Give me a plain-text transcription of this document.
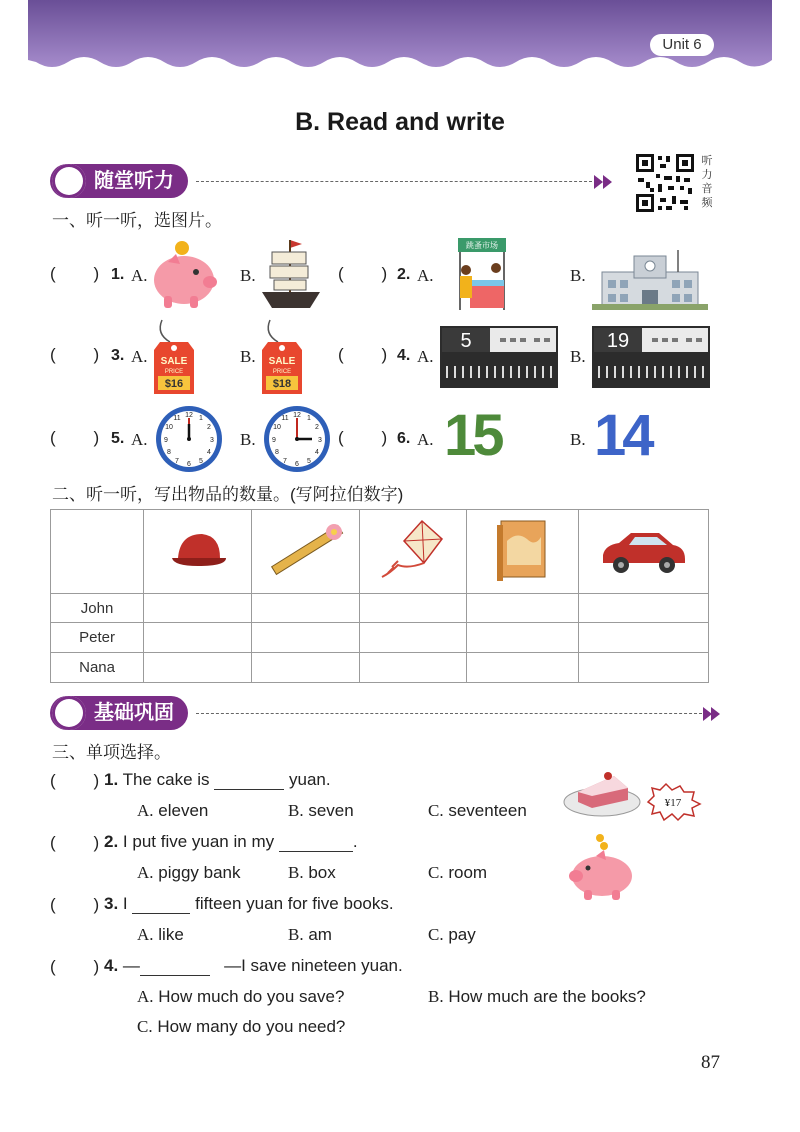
Unit 6
B. Read and write
随堂听力
听力音频
一、听一听，选图片。
(        ) 1. A.	B.	(        ) 2. A.
跳蚤市场
B.
(        ) 3. A. SALE
PRICE
$16
B. SALE
PRICE
$18
(        ) 4. A.
5
B.
19
(        ) 5. A.
12 1
2
3
4
5
6
7
8
9
10
11
B.
12 1
2
3
4
5
6
7
8
9
10
11
(        ) 6. A. 15	B. 14
二、听一听，写出物品的数量。(写阿拉伯数字)

John					
Peter					
Nana					
基础巩固
三、单项选择。
(        ) 1. The cake is	yuan.
A. eleven	B. seven	C. seventeen	¥17
(        ) 2. I put five yuan in my	.
A. piggy bank	B. box	C. room
(        ) 3. I	fifteen yuan for five books.
A. like	B. am	C. pay
(        ) 4. —	—I save nineteen yuan.
A. How much do you save?	B. How much are the books?
C. How many do you need?
87
